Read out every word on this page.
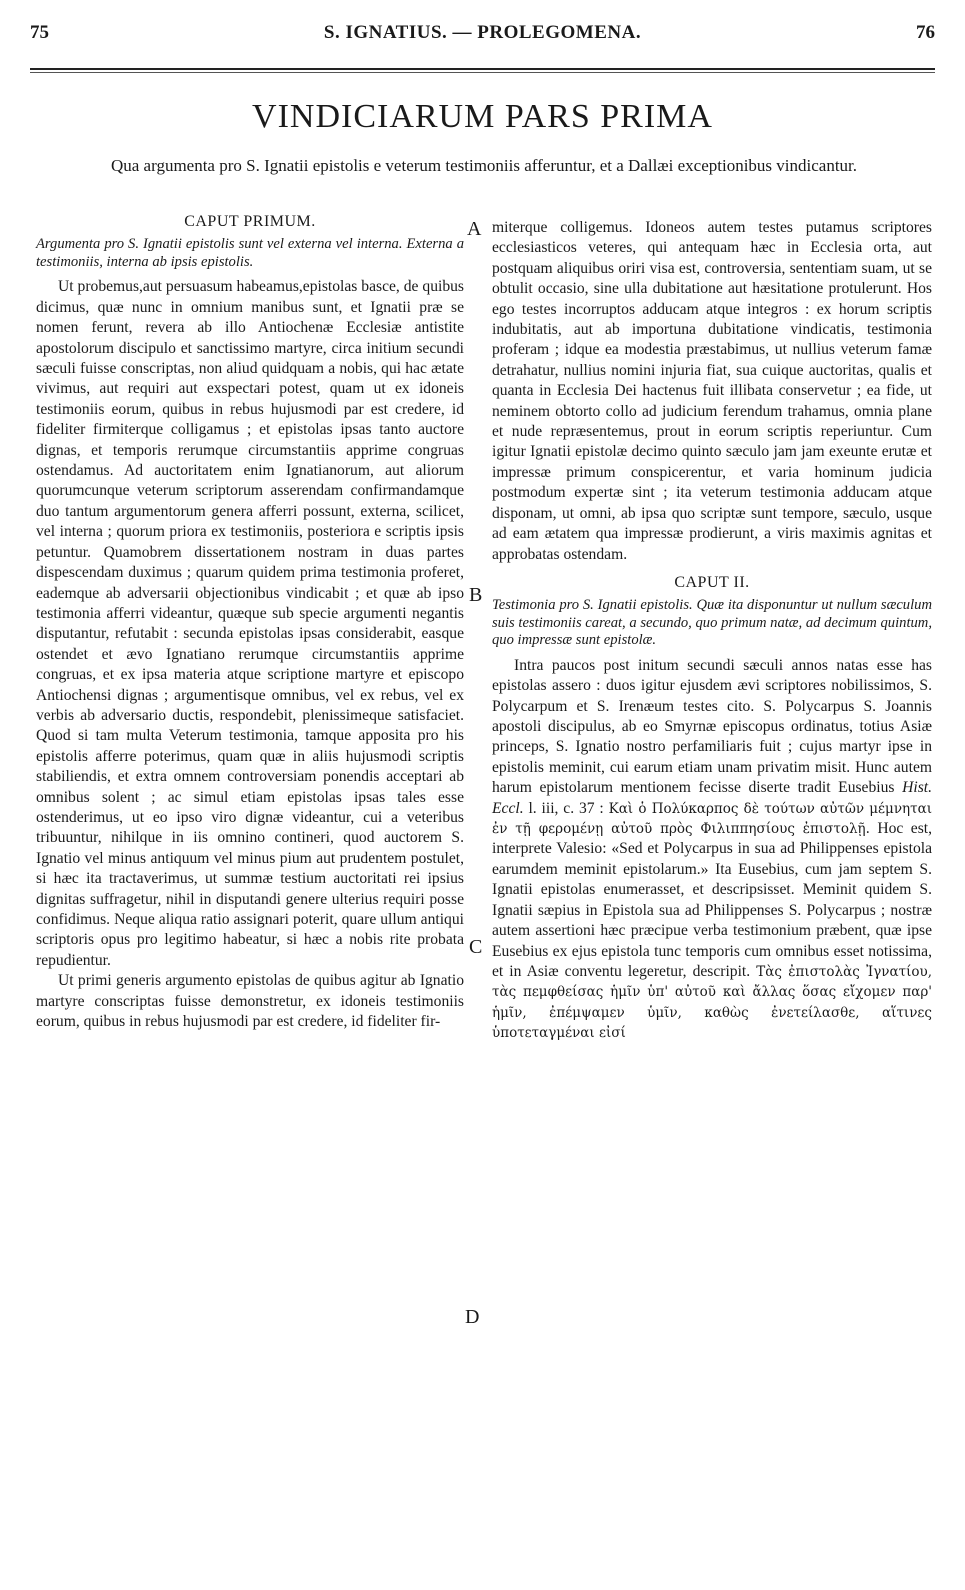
75	S. IGNATIUS. — PROLEGOMENA.	76
VINDICIARUM PARS PRIMA
Qua argumenta pro S. Ignatii epistolis e veterum testimoniis afferuntur, et a Dallæi exceptionibus vindicantur.
CAPUT PRIMUM.
Argumenta pro S. Ignatii epistolis sunt vel externa vel interna. Externa a testimoniis, interna ab ipsis epistolis.

Ut probemus,aut persuasum habeamus,epistolas basce, de quibus dicimus, quæ nunc in omnium manibus sunt, et Ignatii præ se nomen ferunt, revera ab illo Antiochenæ Ecclesiæ antistite apostolorum discipulo et sanctissimo martyre, circa initium secundi sæculi fuisse conscriptas, non aliud quidquam a nobis, qui hac ætate vivimus, aut requiri aut exspectari potest, quam ut ex idoneis testimoniis eorum, quibus in rebus hujusmodi par est credere, id fideliter firmiterque colligamus ; et epistolas ipsas tanto auctore dignas, et temporis rerumque circumstantiis apprime congruas ostendamus. Ad auctoritatem enim Ignatianorum, aut aliorum quorumcunque veterum scriptorum asserendam confirmandamque duo tantum argumentorum genera afferri possunt, externa, scilicet, vel interna ; quorum priora ex testimoniis, posteriora e scriptis ipsis petuntur. Quamobrem dissertationem nostram in duas partes dispescendam duximus ; quarum quidem prima testimonia proferet, eademque ab adversarii objectionibus vindicabit ; et quæ ab ipso testimonia afferri videantur, quæque sub specie argumenti negantis disputantur, refutabit : secunda epistolas ipsas considerabit, easque ostendet et ævo Ignatiano rerumque circumstantiis apprime congruas, et ex ipsa materia atque scriptione martyre et episcopo Antiochensi dignas ; argumentisque omnibus, vel ex rebus, vel ex verbis ab adversario ductis, respondebit, plenissimeque satisfaciet. Quod si tam multa Veterum testimonia, tamque apposita pro his epistolis afferre poterimus, quam quæ in aliis hujusmodi scriptis stabiliendis, et extra omnem controversiam ponendis acceptari ab omnibus solent ; ac simul etiam epistolas ipsas tales esse ostenderimus, ut eo ipso viro dignæ videantur, cui a veteribus tribuuntur, nihilque in iis omnino contineri, quod auctorem S. Ignatio vel minus antiquum vel minus pium aut prudentem postulet, si hæc ita tractaverimus, ut summæ testium auctoritati rei ipsius dignitas suffragetur, nihil in disputandi genere ulterius requiri posse confidimus. Neque aliqua ratio assignari poterit, quare ullum antiqui scriptoris opus pro legitimo habeatur, si hæc a nobis rite probata repudientur.

Ut primi generis argumento epistolas de quibus agitur ab Ignatio martyre conscriptas fuisse demonstretur, ex idoneis testimoniis eorum, quibus in rebus hujusmodi par est credere, id fideliter fir-

miterque colligemus. Idoneos autem testes putamus scriptores ecclesiasticos veteres, qui antequam hæc in Ecclesia orta, aut postquam aliquibus oriri visa est, controversia, sententiam suam, ut se obtulit occasio, sine ulla dubitatione aut hæsitatione protulerunt. Hos ego testes incorruptos adducam atque integros : ex horum scriptis indubitatis, aut ab importuna dubitatione vindicatis, testimonia proferam ; idque ea modestia præstabimus, ut nullius veterum famæ detrahatur, nullius nomini injuria fiat, sua cuique auctoritas, qualis et quanta in Ecclesia Dei hactenus fuit illibata conservetur ; ea fide, ut neminem obtorto collo ad judicium ferendum trahamus, omnia plane et nude repræsentemus, prout in eorum scriptis reperiuntur. Cum igitur Ignatii epistolæ decimo quinto sæculo jam jam exeunte erutæ et impressæ primum conspicerentur, et varia hominum judicia postmodum expertæ sint ; ita veterum testimonia adducam atque disponam, ut omni, ab ipsa quo scriptæ sunt tempore, sæculo, usque ad eam ætatem qua impressæ prodierunt, a viris maximis agnitas et approbatas ostendam.

CAPUT II.
Testimonia pro S. Ignatii epistolis. Quæ ita disponuntur ut nullum sæculum suis testimoniis careat, a secundo, quo primum natæ, ad decimum quintum, quo impressæ sunt epistolæ.

Intra paucos post initum secundi sæculi annos natas esse has epistolas assero : duos igitur ejusdem ævi scriptores nobilissimos, S. Polycarpum et S. Irenæum testes cito. S. Polycarpus S. Joannis apostoli discipulus, ab eo Smyrnæ episcopus ordinatus, totius Asiæ princeps, S. Ignatio nostro perfamiliaris fuit ; cujus martyr ipse in epistolis meminit, cui earum etiam unam privatim misit. Hunc autem harum epistolarum mentionem fecisse diserte tradit Eusebius Hist. Eccl. l. iii, c. 37 : Καὶ ὁ Πολύκαρπος δὲ τούτων αὐτῶν μέμνηται ἐν τῇ φερομένῃ αὐτοῦ πρὸς Φιλιππησίους ἐπιστολῇ. Hoc est, interprete Valesio: «Sed et Polycarpus in sua ad Philippenses epistola earumdem meminit epistolarum.» Ita Eusebius, cum jam septem S. Ignatii epistolas enumerasset, et descripsisset. Meminit quidem S. Ignatii sæpius in Epistola sua ad Philippenses S. Polycarpus ; nostræ autem assertioni hæc præcipue verba testimonium præbent, quæ ipse Eusebius ex ejus epistola tunc temporis cum omnibus esset notissima, et in Asiæ conventu legeretur, descripit. Τὰς ἐπιστολὰς Ἰγνατίου, τὰς πεμφθείσας ἡμῖν ὑπ' αὐτοῦ καὶ ἄλλας ὅσας εἴχομεν παρ' ἡμῖν, ἐπέμψαμεν ὑμῖν, καθὼς ἐνετείλασθε, αἵτινες ὑποτεταγμέναι εἰσί

A
B
C
D
